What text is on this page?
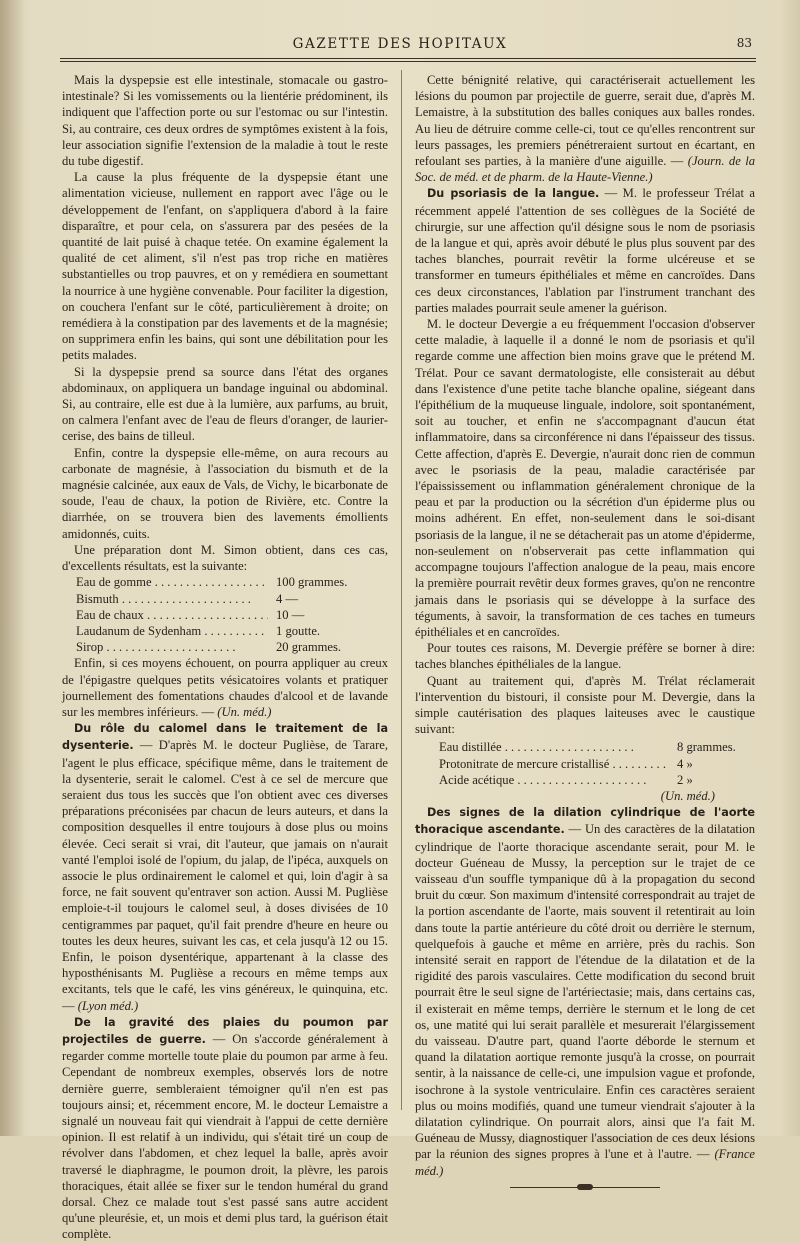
GAZETTE DES HOPITAUX	83

Mais la dyspepsie est elle intestinale, stomacale ou gastro-intestinale? Si les vomissements ou la lientérie prédominent, ils indiquent que l'affection porte ou sur l'estomac ou sur l'intestin. Si, au contraire, ces deux ordres de symptômes existent à la fois, leur association signifie l'extension de la maladie à tout le reste du tube digestif.

La cause la plus fréquente de la dyspepsie étant une alimentation vicieuse, nullement en rapport avec l'âge ou le développement de l'enfant, on s'appliquera d'abord à la faire disparaître, et pour cela, on s'assurera par des pesées de la quantité de lait puisé à chaque tetée. On examine également la qualité de cet aliment, s'il n'est pas trop riche en matières substantielles ou trop pauvres, et on y remédiera en soumettant la nourrice à une hygiène convenable. Pour faciliter la digestion, on couchera l'enfant sur le côté, particulièrement à droite; on remédiera à la constipation par des lavements et de la magnésie; on supprimera enfin les bains, qui sont une débilitation pour les petits malades.

Si la dyspepsie prend sa source dans l'état des organes abdominaux, on appliquera un bandage inguinal ou abdominal. Si, au contraire, elle est due à la lumière, aux parfums, au bruit, on calmera l'enfant avec de l'eau de fleurs d'oranger, de laurier-cerise, des bains de tilleul.

Enfin, contre la dyspepsie elle-même, on aura recours au carbonate de magnésie, à l'association du bismuth et de la magnésie calcinée, aux eaux de Vals, de Vichy, le bicarbonate de soude, l'eau de chaux, la potion de Rivière, etc. Contre la diarrhée, on se trouvera bien des lavements émollients amidonnés, cuits.

Une préparation dont M. Simon obtient, dans ces cas, d'excellents résultats, est la suivante:

Eau de gomme . . .	100 grammes.
Bismuth . . .	4 —
Eau de chaux . . .	10 —
Laudanum de Sydenham . . .	1 goutte.
Sirop . . .	20 grammes.

Enfin, si ces moyens échouent, on pourra appliquer au creux de l'épigastre quelques petits vésicatoires volants et pratiquer journellement des fomentations chaudes d'alcool et de lavande sur les membres inférieurs. — (Un. méd.)

Du rôle du calomel dans le traitement de la dysenterie. — D'après M. le docteur Puglièse, de Tarare, l'agent le plus efficace, spécifique même, dans le traitement de la dysenterie, serait le calomel. C'est à ce sel de mercure que seraient dus tous les succès que l'on obtient avec ces diverses préparations préconisées par chacun de leurs auteurs, et dans la composition desquelles il entre toujours à dose plus ou moins élevée. Ceci serait si vrai, dit l'auteur, que jamais on n'aurait vanté l'emploi isolé de l'opium, du jalap, de l'ipéca, auxquels on associe le plus ordinairement le calomel et qui, loin d'agir à sa force, ne fait souvent qu'entraver son action. Aussi M. Puglièse emploie-t-il toujours le calomel seul, à doses divisées de 10 centigrammes par paquet, qu'il fait prendre d'heure en heure ou toutes les deux heures, suivant les cas, et cela jusqu'à 12 ou 15. Enfin, le poison dysentérique, appartenant à la classe des hyposthénisants M. Puglièse a recours en même temps aux excitants, tels que le café, les vins généreux, le quinquina, etc. — (Lyon méd.)

De la gravité des plaies du poumon par projectiles de guerre. — On s'accorde généralement à regarder comme mortelle toute plaie du poumon par arme à feu. Cependant de nombreux exemples, observés lors de notre dernière guerre, sembleraient témoigner qu'il n'en est pas toujours ainsi; et, récemment encore, M. le docteur Lemaistre a signalé un nouveau fait qui viendrait à l'appui de cette dernière opinion. Il est relatif à un individu, qui s'était tiré un coup de révolver dans l'abdomen, et chez lequel la balle, après avoir traversé le diaphragme, le poumon droit, la plèvre, les parois thoraciques, était allée se fixer sur le tendon huméral du grand dorsal. Chez ce malade tout s'est passé sans autre accident qu'une pleurésie, et, un mois et demi plus tard, la guérison était complète.

Cette bénignité relative, qui caractériserait actuellement les lésions du poumon par projectile de guerre, serait due, d'après M. Lemaistre, à la substitution des balles coniques aux balles rondes. Au lieu de détruire comme celle-ci, tout ce qu'elles rencontrent sur leurs passages, les premiers pénétreraient surtout en écartant, en refoulant ses parties, à la manière d'une aiguille. — (Journ. de la Soc. de méd. et de pharm. de la Haute-Vienne.)

Du psoriasis de la langue. — M. le professeur Trélat a récemment appelé l'attention de ses collègues de la Société de chirurgie, sur une affection qu'il désigne sous le nom de psoriasis de la langue et qui, après avoir débuté le plus plus souvent par des taches blanches, pourrait revêtir la forme ulcéreuse et se transformer en tumeurs épithéliales et même en cancroïdes. Dans ces deux circonstances, l'ablation par l'instrument tranchant des parties malades pourrait seule amener la guérison.

M. le docteur Devergie a eu fréquemment l'occasion d'observer cette maladie, à laquelle il a donné le nom de psoriasis et qu'il regarde comme une affection bien moins grave que le prétend M. Trélat. Pour ce savant dermatologiste, elle consisterait au début dans l'existence d'une petite tache blanche opaline, siégeant dans l'épithélium de la muqueuse linguale, indolore, soit spontanément, soit au toucher, et enfin ne s'accompagnant d'aucun état inflammatoire, dans sa circonférence ni dans l'épaisseur des tissus. Cette affection, d'après E. Devergie, n'aurait donc rien de commun avec le psoriasis de la peau, maladie caractérisée par l'épaississement ou inflammation généralement chronique de la peau et par la production ou la sécrétion d'un épiderme plus ou moins adhérent. En effet, non-seulement dans le soi-disant psoriasis de la langue, il ne se détacherait pas un atome d'épiderme, non-seulement on n'observerait pas cette inflammation qui accompagne toujours l'affection analogue de la peau, mais encore la première pourrait revêtir deux formes graves, qu'on ne rencontre jamais dans le psoriasis qui se développe à la surface des téguments, à savoir, la transformation de ces taches en tumeurs épithéliales et en cancroïdes.

Pour toutes ces raisons, M. Devergie préfère se borner à dire: taches blanches épithéliales de la langue.

Quant au traitement qui, d'après M. Trélat réclamerait l'intervention du bistouri, il consiste pour M. Devergie, dans la simple cautérisation des plaques laiteuses avec le caustique suivant:

Eau distillée . . .	8 grammes.
Protonitrate de mercure cristallisé . . .	4 »
Acide acétique . . .	2 »
(Un. méd.)

Des signes de la dilation cylindrique de l'aorte thoracique ascendante. — Un des caractères de la dilatation cylindrique de l'aorte thoracique ascendante serait, pour M. le docteur Guéneau de Mussy, la perception sur le trajet de ce vaisseau d'un souffle tympanique dû à la propagation du second bruit du cœur. Son maximum d'intensité correspondrait au trajet de la portion ascendante de l'aorte, mais souvent il retentirait au loin dans toute la partie antérieure du côté droit ou derrière le sternum, quelquefois à gauche et même en arrière, près du rachis. Son intensité serait en rapport de l'étendue de la dilatation et de la rigidité des parois vasculaires. Cette modification du second bruit pourrait être le seul signe de l'artériectasie; mais, dans certains cas, il existerait en même temps, derrière le sternum et le long de cet os, une matité qui lui serait parallèle et mesurerait l'élargissement du vaisseau. D'autre part, quand l'aorte déborde le sternum et quand la dilatation aortique remonte jusqu'à la crosse, on pourrait sentir, à la naissance de celle-ci, une impulsion vague et profonde, isochrone à la systole ventriculaire. Enfin ces caractères seraient plus ou moins modifiés, quand une tumeur viendrait s'ajouter à la dilatation cylindrique. On pourrait alors, ainsi que l'a fait M. Guéneau de Mussy, diagnostiquer l'association de ces deux lésions par la réunion des signes propres à l'une et à l'autre. — (France méd.)
